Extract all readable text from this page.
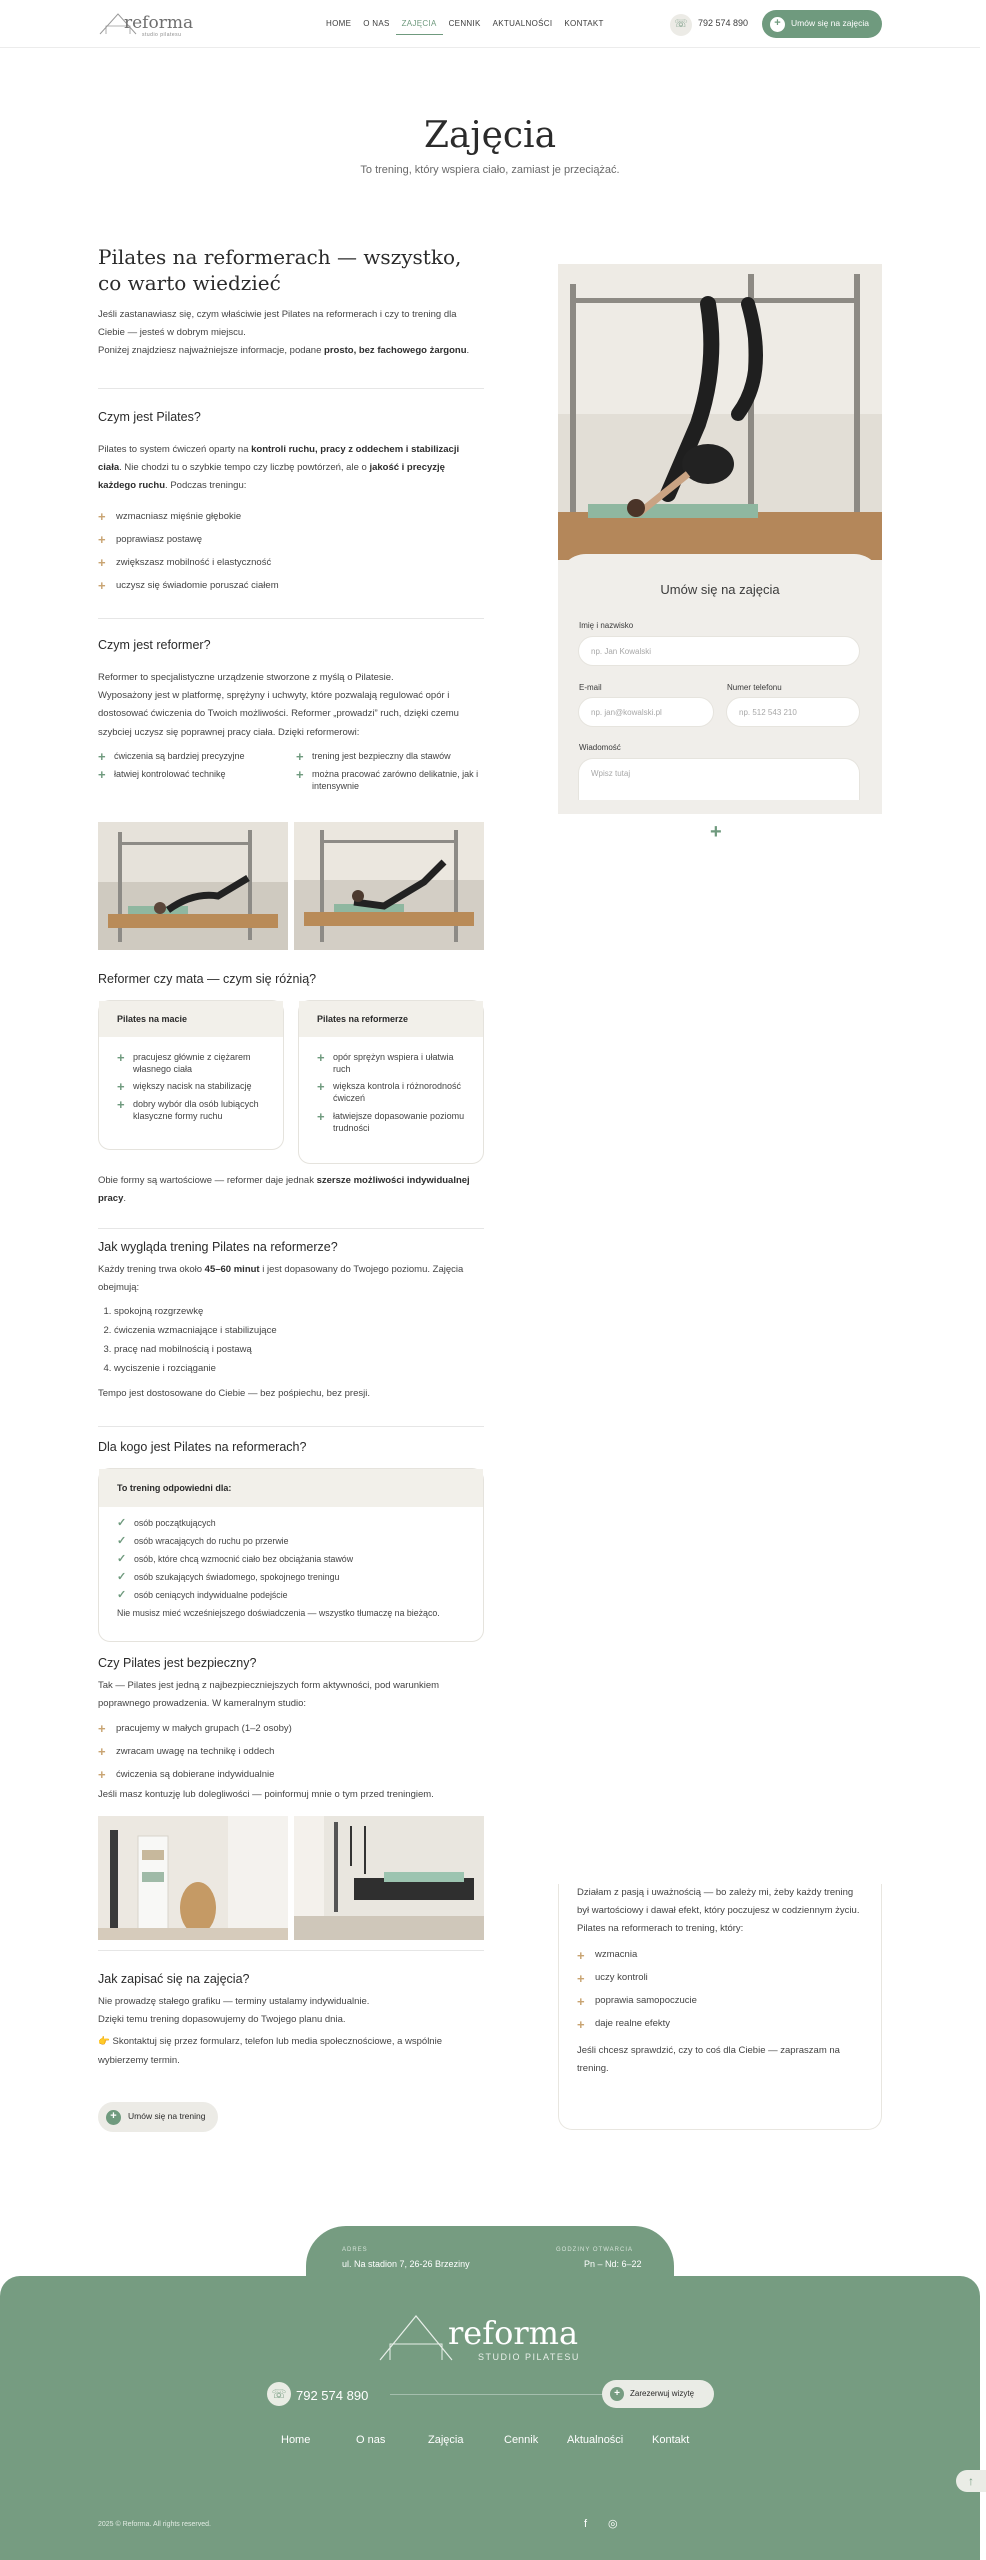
reforma
studio pilatesu
HOME	O NAS	ZAJĘCIA	CENNIK	AKTUALNOŚCI	KONTAKT	☏	792 574 890	+	Umów się na zajęcia
Zajęcia

To trening, który wspiera ciało, zamiast je przeciążać.

Pilates na reformerach — wszystko, co warto wiedzieć

Jeśli zastanawiasz się, czym właściwie jest Pilates na reformerach i czy to trening dla Ciebie — jesteś w dobrym miejscu.

Poniżej znajdziesz najważniejsze informacje, podane prosto, bez fachowego żargonu.

Czym jest Pilates?

Pilates to system ćwiczeń oparty na kontroli ruchu, pracy z oddechem i stabilizacji ciała. Nie chodzi tu o szybkie tempo czy liczbę powtórzeń, ale o jakość i precyzję każdego ruchu. Podczas treningu:

+ wzmacniasz mięśnie głębokie
+ poprawiasz postawę
+ zwiększasz mobilność i elastyczność
+ uczysz się świadomie poruszać ciałem
Czym jest reformer?

Reformer to specjalistyczne urządzenie stworzone z myślą o Pilatesie.

Wyposażony jest w platformę, sprężyny i uchwyty, które pozwalają regulować opór i dostosować ćwiczenia do Twoich możliwości. Reformer „prowadzi” ruch, dzięki czemu szybciej uczysz się poprawnej pracy ciała. Dzięki reformerowi:

+ ćwiczenia są bardziej precyzyjne
+ łatwiej kontrolować technikę
+ trening jest bezpieczny dla stawów
+ można pracować zarówno delikatnie, jak i intensywnie
Reformer czy mata — czym się różnią?
Pilates na macie
+ pracujesz głównie z ciężarem własnego ciała
+ większy nacisk na stabilizację
+ dobry wybór dla osób lubiących klasyczne formy ruchu
Pilates na reformerze
+ opór sprężyn wspiera i ułatwia ruch
+ większa kontrola i różnorodność ćwiczeń
+ łatwiejsze dopasowanie poziomu trudności

Obie formy są wartościowe — reformer daje jednak szersze możliwości indywidualnej pracy.

Jak wygląda trening Pilates na reformerze?

Każdy trening trwa około 45–60 minut i jest dopasowany do Twojego poziomu. Zajęcia obejmują:

1. spokojną rozgrzewkę
2. ćwiczenia wzmacniające i stabilizujące
3. pracę nad mobilnością i postawą
4. wyciszenie i rozciąganie

Tempo jest dostosowane do Ciebie — bez pośpiechu, bez presji.

Dla kogo jest Pilates na reformerach?
To trening odpowiedni dla:
✓ osób początkujących
✓ osób wracających do ruchu po przerwie
✓ osób, które chcą wzmocnić ciało bez obciążania stawów
✓ osób szukających świadomego, spokojnego treningu
✓ osób ceniących indywidualne podejście

Nie musisz mieć wcześniejszego doświadczenia — wszystko tłumaczę na bieżąco.

Czy Pilates jest bezpieczny?

Tak — Pilates jest jedną z najbezpieczniejszych form aktywności, pod warunkiem poprawnego prowadzenia. W kameralnym studio:

+ pracujemy w małych grupach (1–2 osoby)
+ zwracam uwagę na technikę i oddech
+ ćwiczenia są dobierane indywidualnie

Jeśli masz kontuzję lub dolegliwości — poinformuj mnie o tym przed treningiem.

Jak zapisać się na zajęcia?

Nie prowadzę stałego grafiku — terminy ustalamy indywidualnie.

Dzięki temu trening dopasowujemy do Twojego planu dnia.

👉 Skontaktuj się przez formularz, telefon lub media społecznościowe, a wspólnie wybierzemy termin.

+	Umów się na trening
+
Umów się na zajęcia
Imię i nazwisko
np. Jan Kowalski
E-mail
np. jan@kowalski.pl
Numer telefonu
np. 512 543 210
Wiadomość
Wpisz tutaj

Działam z pasją i uważnością — bo zależy mi, żeby każdy trening był wartościowy i dawał efekt, który poczujesz w codziennym życiu. Pilates na reformerach to trening, który:

+ wzmacnia
+ uczy kontroli
+ poprawia samopoczucie
+ daje realne efekty

Jeśli chcesz sprawdzić, czy to coś dla Ciebie — zapraszam na trening.

ADRES
ul. Na stadion 7, 26-26 Brzeziny
GODZINY OTWARCIA
Pn – Nd: 6–22
reforma
STUDIO PILATESU
☏ 792 574 890	+	Zarezerwuj wizytę
Home	O nas	Zajęcia	Cennik	Aktualności	Kontakt
2025 © Reforma. All rights reserved.	f ◎
↑
